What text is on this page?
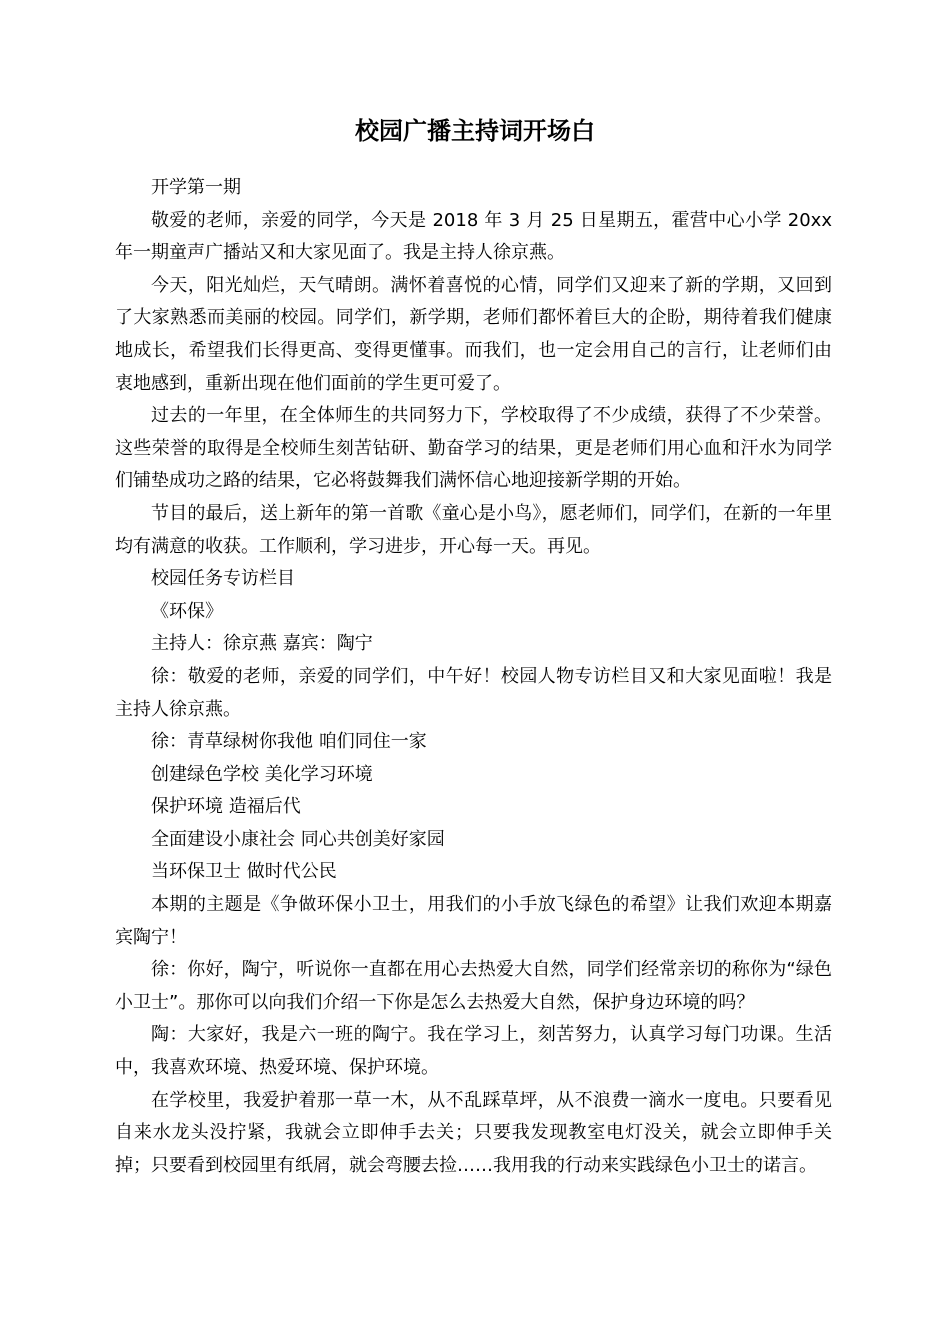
校园广播主持词开场白

开学第一期

敬爱的老师，亲爱的同学，今天是 2018 年 3 月 25 日星期五，霍营中心小学 20xx 年一期童声广播站又和大家见面了。我是主持人徐京燕。

今天，阳光灿烂，天气晴朗。满怀着喜悦的心情，同学们又迎来了新的学期，又回到了大家熟悉而美丽的校园。同学们，新学期，老师们都怀着巨大的企盼，期待着我们健康地成长，希望我们长得更高、变得更懂事。而我们，也一定会用自己的言行，让老师们由衷地感到，重新出现在他们面前的学生更可爱了。

过去的一年里，在全体师生的共同努力下，学校取得了不少成绩，获得了不少荣誉。这些荣誉的取得是全校师生刻苦钻研、勤奋学习的结果，更是老师们用心血和汗水为同学们铺垫成功之路的结果，它必将鼓舞我们满怀信心地迎接新学期的开始。

节目的最后，送上新年的第一首歌《童心是小鸟》，愿老师们，同学们，在新的一年里均有满意的收获。工作顺利，学习进步，开心每一天。再见。

校园任务专访栏目

《环保》

主持人：徐京燕 嘉宾：陶宁

徐：敬爱的老师，亲爱的同学们，中午好！校园人物专访栏目又和大家见面啦！我是主持人徐京燕。

徐：青草绿树你我他 咱们同住一家

创建绿色学校 美化学习环境

保护环境 造福后代

全面建设小康社会 同心共创美好家园

当环保卫士 做时代公民

本期的主题是《争做环保小卫士，用我们的小手放飞绿色的希望》让我们欢迎本期嘉宾陶宁！

徐：你好，陶宁，听说你一直都在用心去热爱大自然，同学们经常亲切的称你为“绿色小卫士”。那你可以向我们介绍一下你是怎么去热爱大自然，保护身边环境的吗？

陶：大家好，我是六一班的陶宁。我在学习上，刻苦努力，认真学习每门功课。生活中，我喜欢环境、热爱环境、保护环境。

在学校里，我爱护着那一草一木，从不乱踩草坪，从不浪费一滴水一度电。只要看见自来水龙头没拧紧，我就会立即伸手去关；只要我发现教室电灯没关，就会立即伸手关掉；只要看到校园里有纸屑，就会弯腰去捡……我用我的行动来实践绿色小卫士的诺言。
